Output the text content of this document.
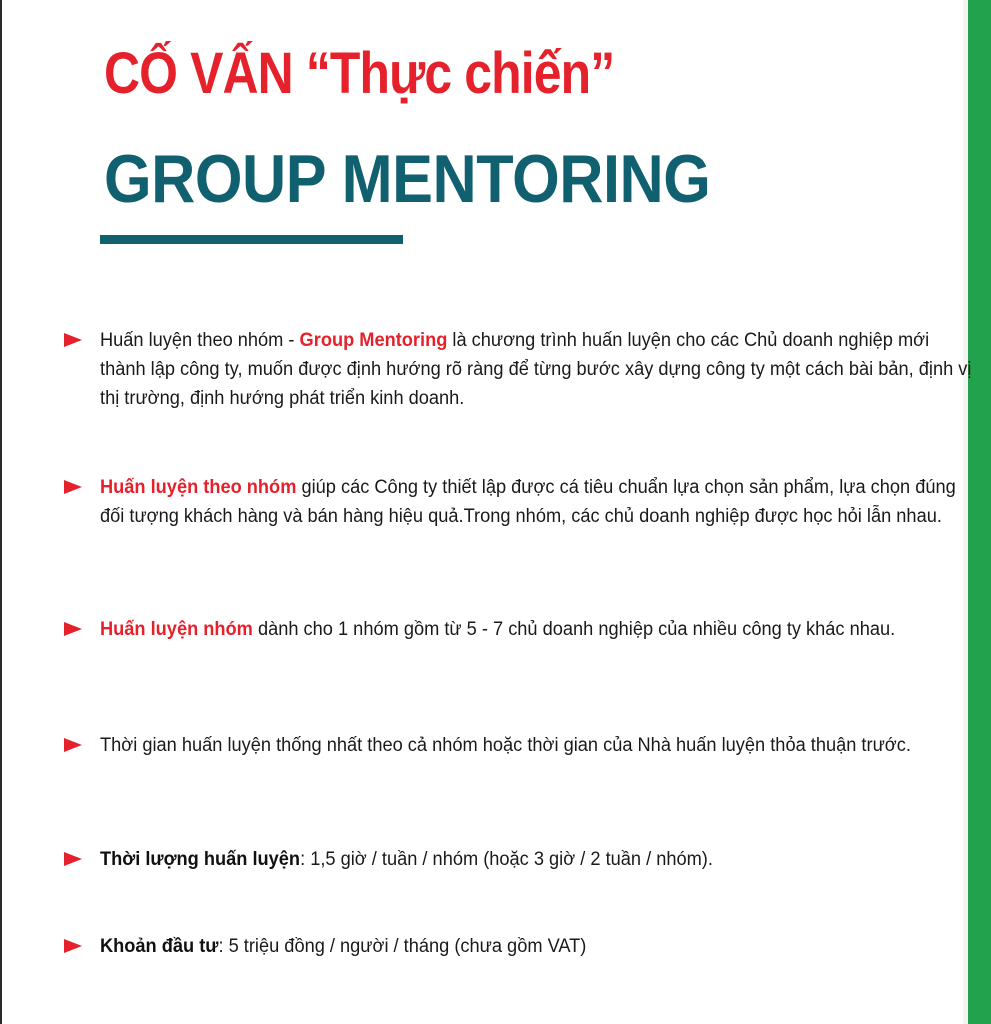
CỐ VẤN “Thực chiến”
GROUP MENTORING
Huấn luyện theo nhóm - Group Mentoring là chương trình huấn luyện cho các Chủ doanh nghiệp mới thành lập công ty, muốn được định hướng rõ ràng để từng bước xây dựng công ty một cách bài bản, định vị thị trường, định hướng phát triển kinh doanh.
Huấn luyện theo nhóm giúp các Công ty thiết lập được cá tiêu chuẩn lựa chọn sản phẩm, lựa chọn đúng đối tượng khách hàng và bán hàng hiệu quả.Trong nhóm, các chủ doanh nghiệp được học hỏi lẫn nhau.
Huấn luyện nhóm dành cho 1 nhóm gồm từ 5 - 7 chủ doanh nghiệp của nhiều công ty khác nhau.
Thời gian huấn luyện thống nhất theo cả nhóm hoặc thời gian của Nhà huấn luyện thỏa thuận trước.
Thời lượng huấn luyện: 1,5 giờ / tuần / nhóm (hoặc 3 giờ / 2 tuần / nhóm).
Khoản đầu tư: 5 triệu đồng / người / tháng (chưa gồm VAT)
